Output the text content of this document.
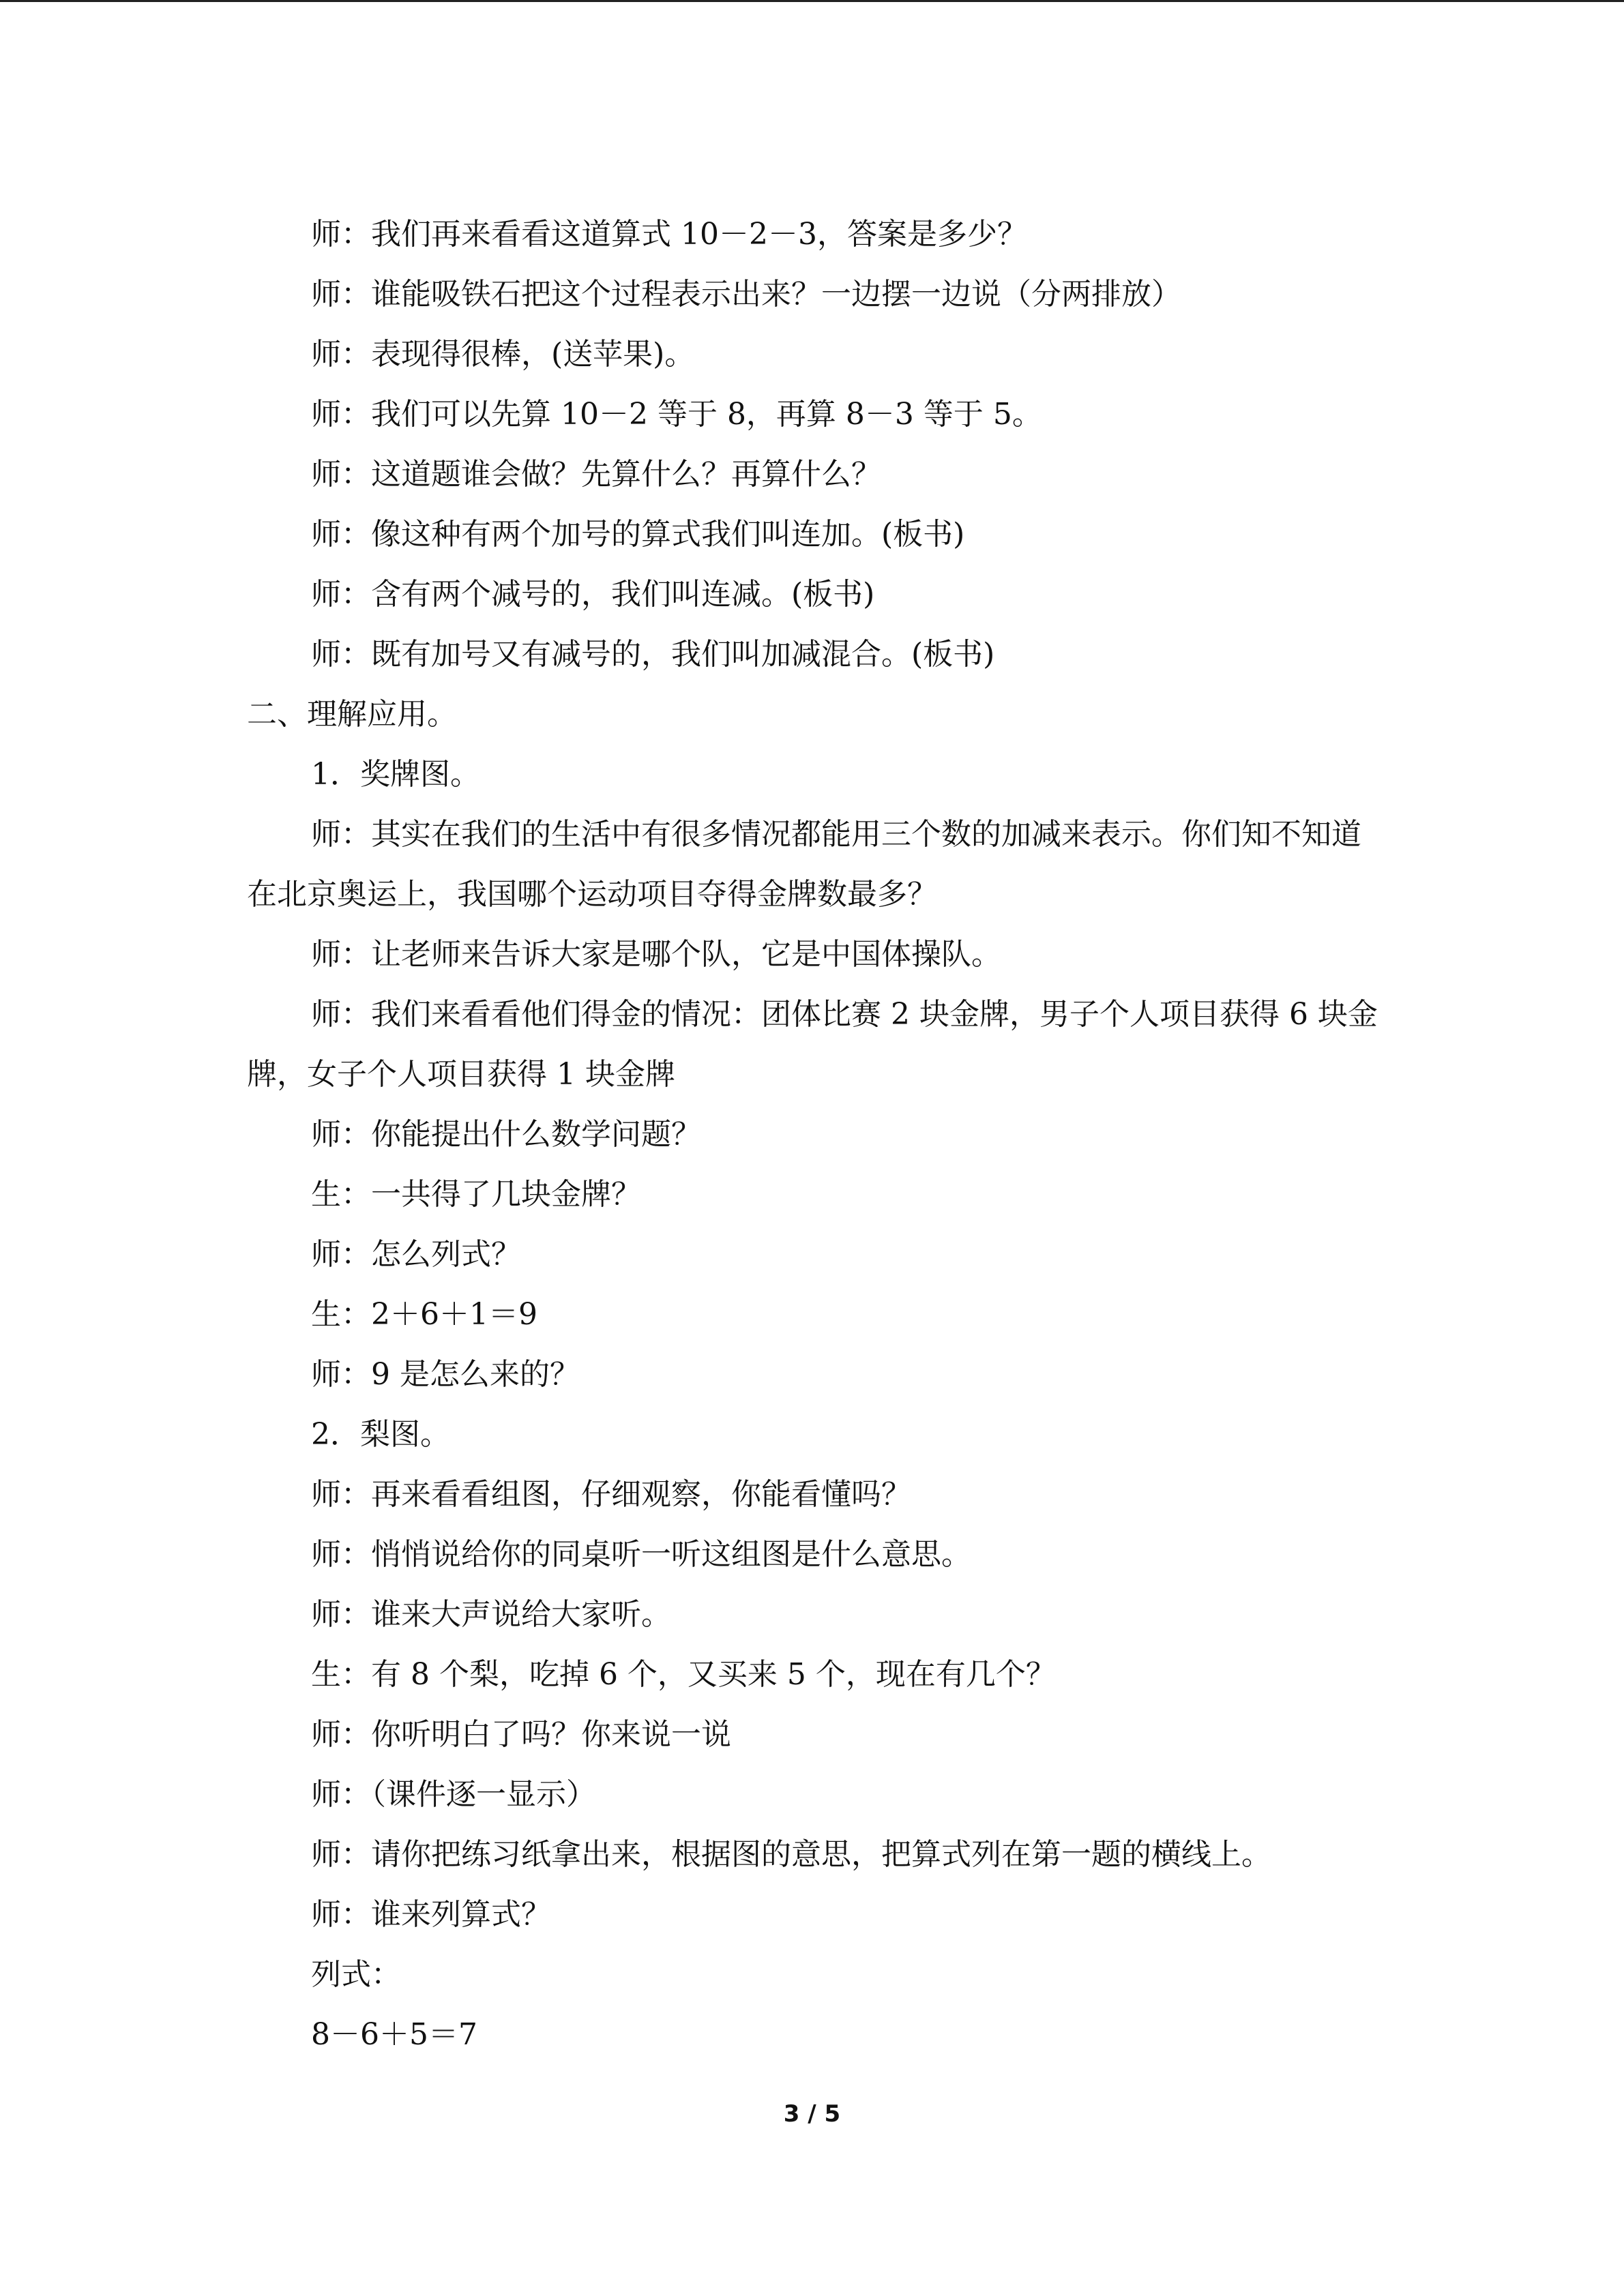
师：我们再来看看这道算式 10－2－3，答案是多少？

师：谁能吸铁石把这个过程表示出来？一边摆一边说（分两排放）

师：表现得很棒，(送苹果)。

师：我们可以先算 10－2 等于 8，再算 8－3 等于 5。

师：这道题谁会做？先算什么？再算什么？

师：像这种有两个加号的算式我们叫连加。(板书)

师：含有两个减号的，我们叫连减。(板书)

师：既有加号又有减号的，我们叫加减混合。(板书)

二、理解应用。

1．奖牌图。

师：其实在我们的生活中有很多情况都能用三个数的加减来表示。你们知不知道在北京奥运上，我国哪个运动项目夺得金牌数最多？

师：让老师来告诉大家是哪个队，它是中国体操队。

师：我们来看看他们得金的情况：团体比赛 2 块金牌，男子个人项目获得 6 块金牌，女子个人项目获得 1 块金牌

师：你能提出什么数学问题？

生：一共得了几块金牌？

师：怎么列式？

生：2＋6＋1＝9

师：9 是怎么来的？

2．梨图。

师：再来看看组图，仔细观察，你能看懂吗？

师：悄悄说给你的同桌听一听这组图是什么意思。

师：谁来大声说给大家听。

生：有 8 个梨，吃掉 6 个，又买来 5 个，现在有几个？

师：你听明白了吗？你来说一说

师：（课件逐一显示）

师：请你把练习纸拿出来，根据图的意思，把算式列在第一题的横线上。

师：谁来列算式？

列式：

8－6＋5＝7

3 / 5
